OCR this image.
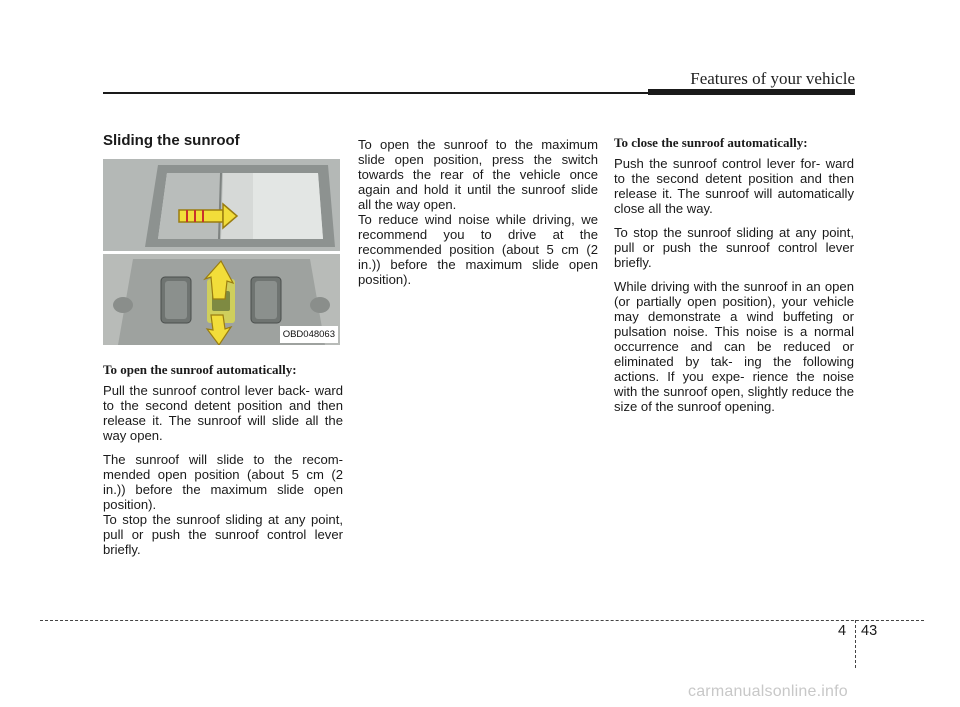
Features of your vehicle
Sliding the sunroof
OBD048063
To open the sunroof automatically:

Pull the sunroof control lever back- ward to the second detent position and then release it. The sunroof will slide all the way open.

The sunroof will slide to the recom- mended open position (about 5 cm (2 in.)) before the maximum slide open position).

To stop the sunroof sliding at any point, pull or push the sunroof control lever briefly.

To open the sunroof to the maximum slide open position, press the switch towards the rear of the vehicle once again and hold it until the sunroof slide all the way open.

To reduce wind noise while driving, we recommend you to drive at the recommended position (about 5 cm (2 in.)) before the maximum slide open position).

To close the sunroof automatically:

Push the sunroof control lever for- ward to the second detent position and then release it. The sunroof will automatically close all the way.

To stop the sunroof sliding at any point, pull or push the sunroof control lever briefly.

While driving with the sunroof in an open (or partially open position), your vehicle may demonstrate a wind buffeting or pulsation noise. This noise is a normal occurrence and can be reduced or eliminated by tak- ing the following actions. If you expe- rience the noise with the sunroof open, slightly reduce the size of the sunroof opening.

4 43
carmanualsonline.info
